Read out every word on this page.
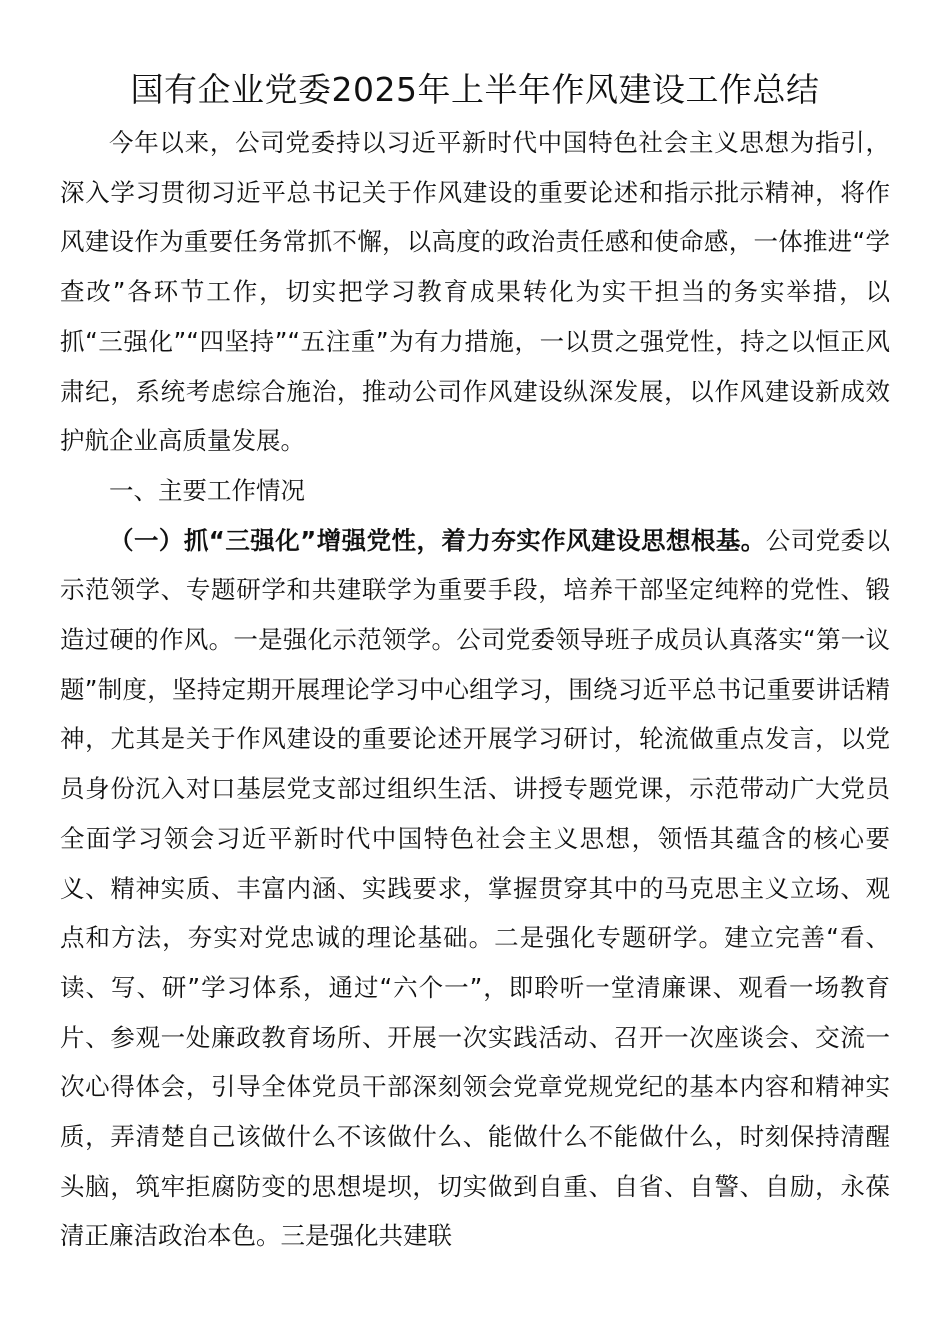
国有企业党委2025年上半年作风建设工作总结

今年以来，公司党委持以习近平新时代中国特色社会主义思想为指引，深入学习贯彻习近平总书记关于作风建设的重要论述和指示批示精神，将作风建设作为重要任务常抓不懈，以高度的政治责任感和使命感，一体推进“学查改”各环节工作，切实把学习教育成果转化为实干担当的务实举措，以抓“三强化”“四坚持”“五注重”为有力措施，一以贯之强党性，持之以恒正风肃纪，系统考虑综合施治，推动公司作风建设纵深发展，以作风建设新成效护航企业高质量发展。

一、主要工作情况

（一）抓“三强化”增强党性，着力夯实作风建设思想根基。公司党委以示范领学、专题研学和共建联学为重要手段，培养干部坚定纯粹的党性、锻造过硬的作风。一是强化示范领学。公司党委领导班子成员认真落实“第一议题”制度，坚持定期开展理论学习中心组学习，围绕习近平总书记重要讲话精神，尤其是关于作风建设的重要论述开展学习研讨，轮流做重点发言，以党员身份沉入对口基层党支部过组织生活、讲授专题党课，示范带动广大党员全面学习领会习近平新时代中国特色社会主义思想，领悟其蕴含的核心要义、精神实质、丰富内涵、实践要求，掌握贯穿其中的马克思主义立场、观点和方法，夯实对党忠诚的理论基础。二是强化专题研学。建立完善“看、读、写、研”学习体系，通过“六个一”，即聆听一堂清廉课、观看一场教育片、参观一处廉政教育场所、开展一次实践活动、召开一次座谈会、交流一次心得体会，引导全体党员干部深刻领会党章党规党纪的基本内容和精神实质，弄清楚自己该做什么不该做什么、能做什么不能做什么，时刻保持清醒头脑，筑牢拒腐防变的思想堤坝，切实做到自重、自省、自警、自励，永葆清正廉洁政治本色。三是强化共建联
